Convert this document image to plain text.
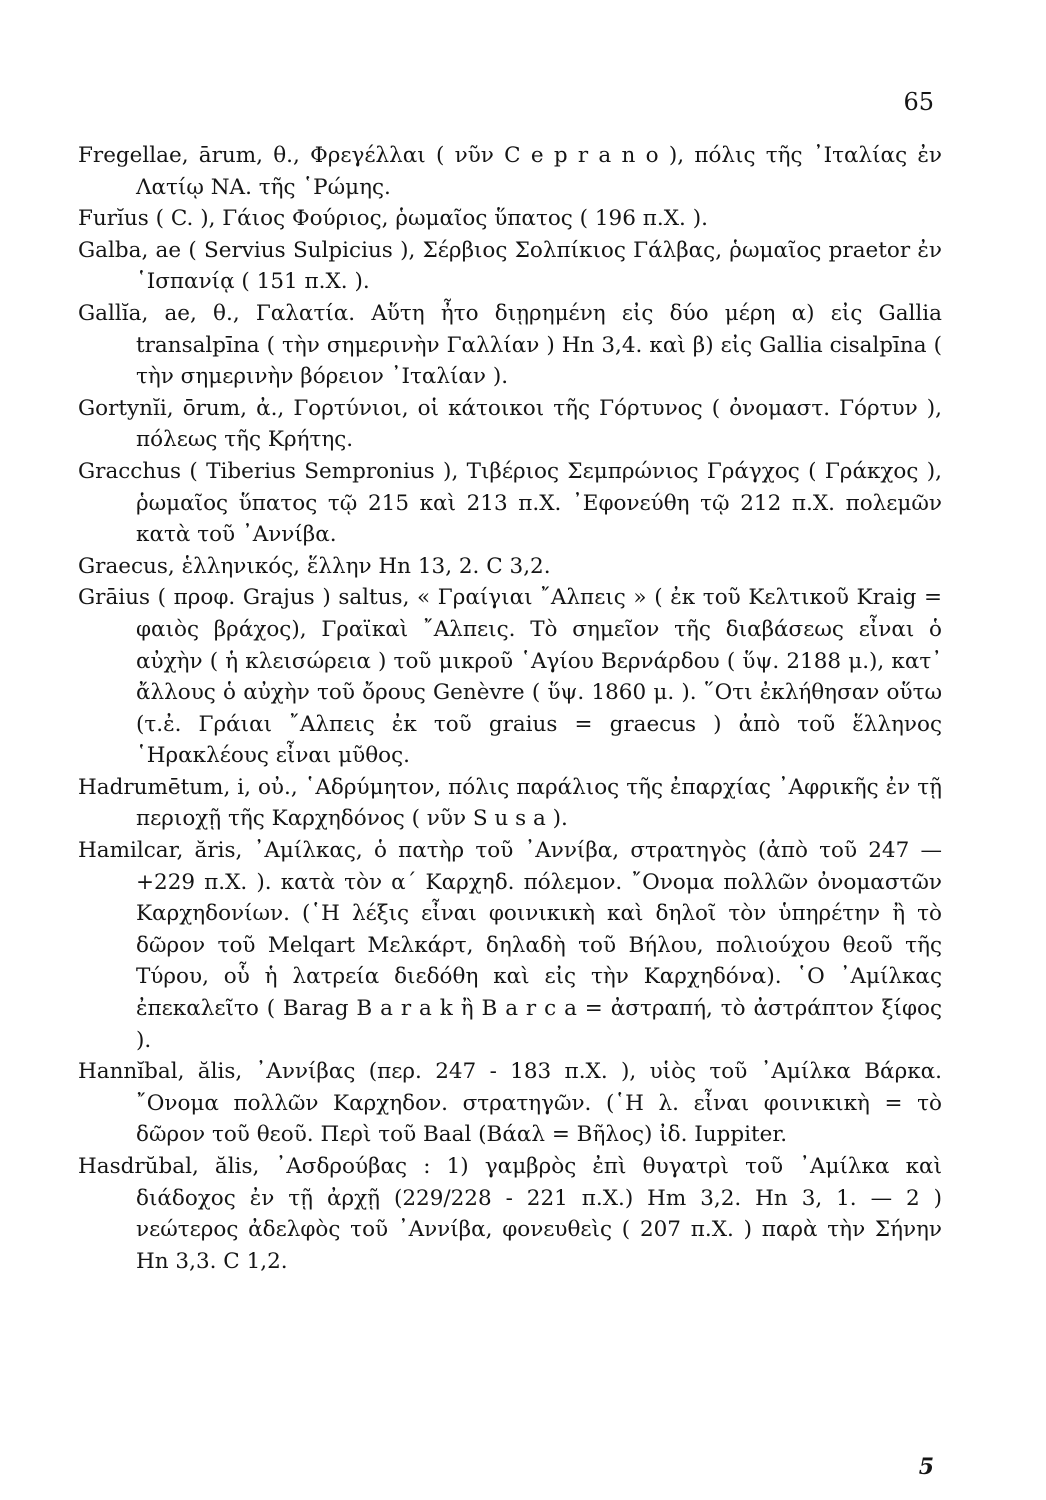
65

Fregellae, ārum, θ., Φρεγέλλαι ( νῦν C e p r a n o ), πόλις τῆς ᾿Ιταλίας ἐν Λατίῳ ΝΑ. τῆς ῾Ρώμης.

Furĭus ( C. ), Γάιος Φούριος, ῥωμαῖος ὕπατος ( 196 π.Χ. ).

Galba, ae ( Servius Sulpicius ), Σέρβιος Σολπίκιος Γάλβας, ῥωμαῖος praetor ἐν ῾Ισπανίᾳ ( 151 π.Χ. ).

Gallĭa, ae, θ., Γαλατία. Αὕτη ἦτο διῃρημένη εἰς δύο μέρη α) εἰς Gallia transalpīna ( τὴν σημερινὴν Γαλλίαν ) Hn 3,4. καὶ β) εἰς Gallia cisalpīna ( τὴν σημερινὴν βόρειον ᾿Ιταλίαν ).

Gortynĭi, ōrum, ἀ., Γορτύνιοι, οἱ κάτοικοι τῆς Γόρτυνος ( ὀνομαστ. Γόρτυν ), πόλεως τῆς Κρήτης.

Gracchus ( Tiberius Sempronius ), Τιβέριος Σεμπρώνιος Γράγχος ( Γράκχος ), ῥωμαῖος ὕπατος τῷ 215 καὶ 213 π.Χ. ᾿Εφονεύθη τῷ 212 π.Χ. πολεμῶν κατὰ τοῦ ᾿Αννίβα.

Graecus, ἑλληνικός, ἕλλην Hn 13, 2. C 3,2.

Grāius ( προφ. Grajus ) saltus, « Γραίγιαι ῎Αλπεις » ( ἐκ τοῦ Κελτικοῦ Kraig = φαιὸς βράχος), Γραϊκαὶ ῎Αλπεις. Τὸ σημεῖον τῆς διαβάσεως εἶναι ὁ αὐχὴν ( ἡ κλεισώρεια ) τοῦ μικροῦ ῾Αγίου Βερνάρδου ( ὕψ. 2188 μ.), κατ᾿ ἄλλους ὁ αὐχὴν τοῦ ὄρους Genèvre ( ὕψ. 1860 μ. ). ῞Οτι ἐκλήθησαν οὕτω (τ.ἐ. Γράιαι ῎Αλπεις ἐκ τοῦ graius = graecus ) ἀπὸ τοῦ ἕλληνος ῾Ηρακλέους εἶναι μῦθος.

Hadrumētum, i, οὐ., ῾Αδρύμητον, πόλις παράλιος τῆς ἐπαρχίας ᾿Αφρικῆς ἐν τῇ περιοχῇ τῆς Καρχηδόνος ( νῦν S u s a ).

Hamilcar, ăris, ᾿Αμίλκας, ὁ πατὴρ τοῦ ᾿Αννίβα, στρατηγὸς (ἀπὸ τοῦ 247 —+229 π.Χ. ). κατὰ τὸν α΄ Καρχηδ. πόλεμον. ῎Ονομα πολλῶν ὀνομαστῶν Καρχηδονίων. (῾Η λέξις εἶναι φοινικικὴ καὶ δηλοῖ τὸν ὑπηρέτην ἢ τὸ δῶρον τοῦ Melqart Μελκάρτ, δηλαδὴ τοῦ Βήλου, πολιούχου θεοῦ τῆς Τύρου, οὗ ἡ λατρεία διεδόθη καὶ εἰς τὴν Καρχηδόνα). ῾Ο ᾿Αμίλκας ἐπεκαλεῖτο ( Barag B a r a k ἢ B a r c a = ἀστραπή, τὸ ἀστράπτον ξίφος ).

Hannĭbal, ălis, ᾿Αννίβας (περ. 247 - 183 π.Χ. ), υἱὸς τοῦ ᾿Αμίλκα Βάρκα. ῎Ονομα πολλῶν Καρχηδον. στρατηγῶν. (῾Η λ. εἶναι φοινικικὴ = τὸ δῶρον τοῦ θεοῦ. Περὶ τοῦ Baal (Βάαλ = Βῆλος) ἰδ. Iuppiter.

Hasdrŭbal, ălis, ᾿Ασδρούβας : 1) γαμβρὸς ἐπὶ θυγατρὶ τοῦ ᾿Αμίλκα καὶ διάδοχος ἐν τῇ ἀρχῇ (229/228 - 221 π.Χ.) Hm 3,2. Hn 3, 1. — 2 ) νεώτερος ἀδελφὸς τοῦ ᾿Αννίβα, φονευθεὶς ( 207 π.Χ. ) παρὰ τὴν Σήνην Hn 3,3. C 1,2.

5
